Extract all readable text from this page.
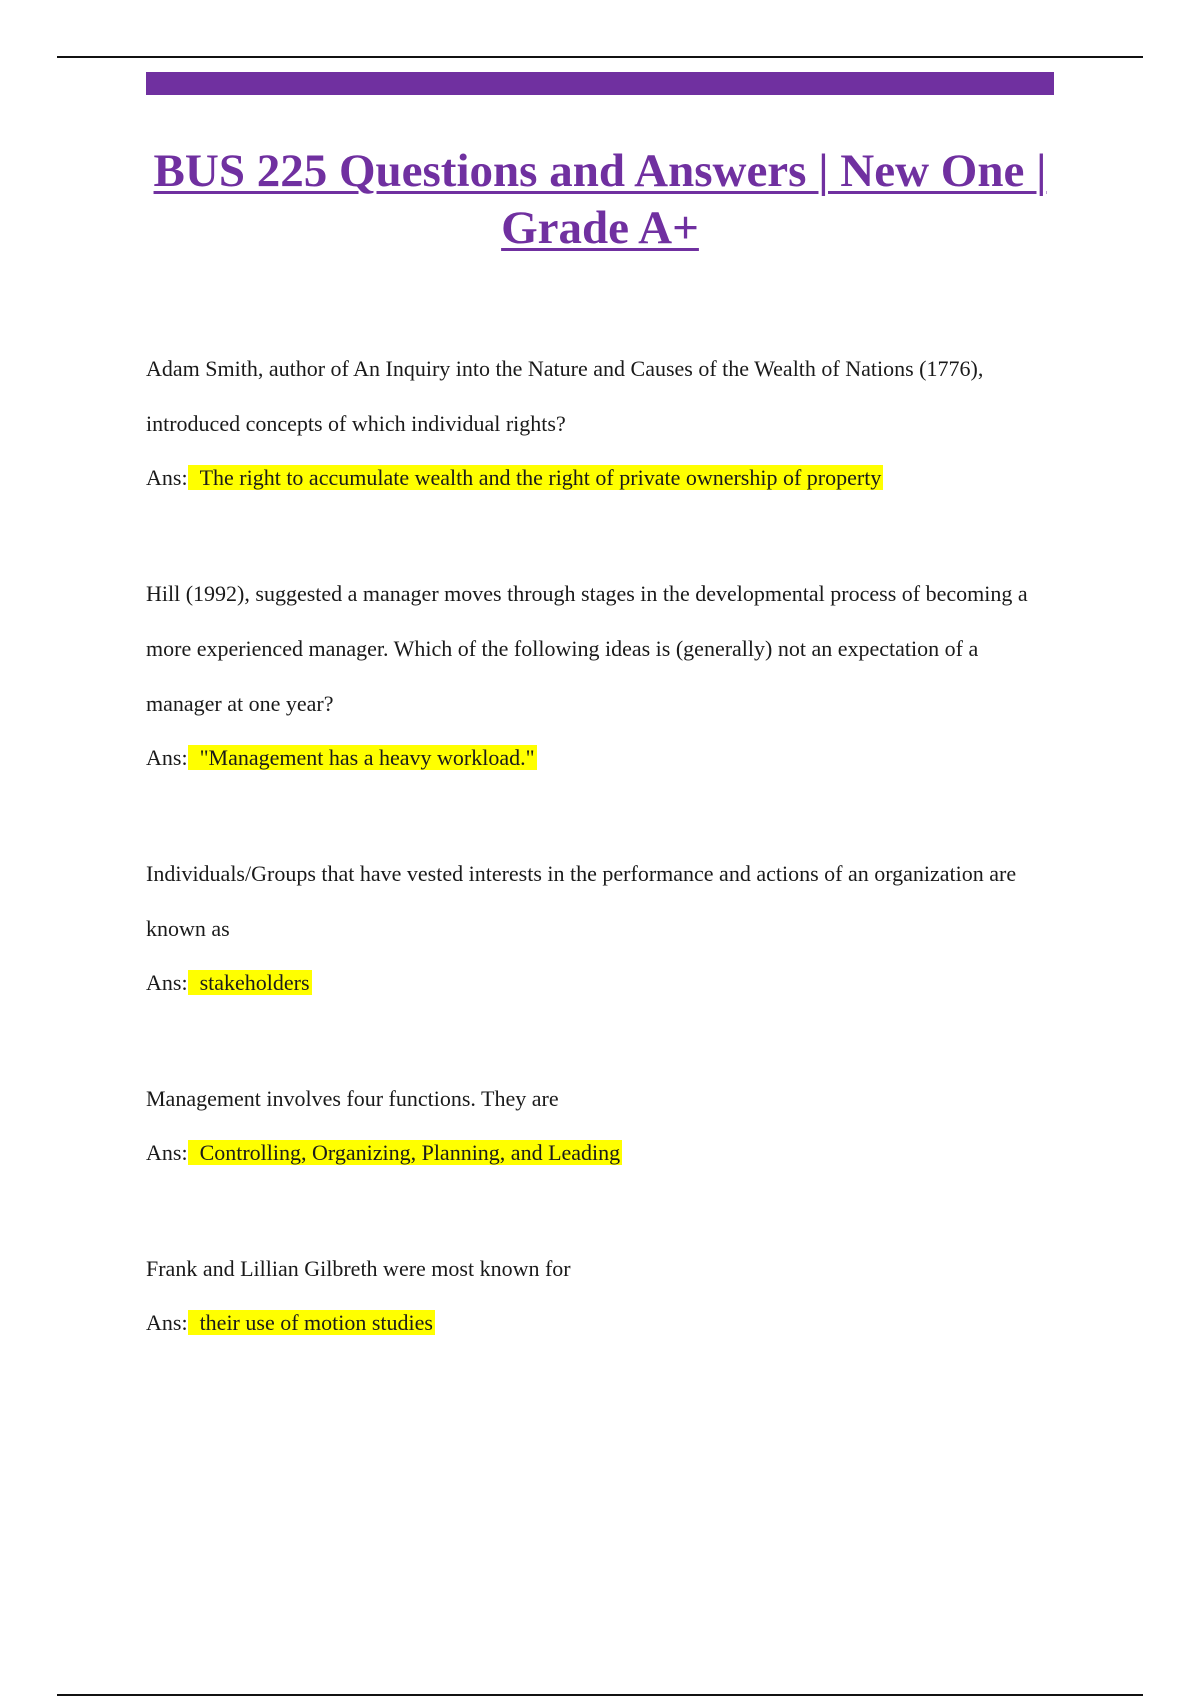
BUS 225 Questions and Answers | New One | Grade A+

Adam Smith, author of An Inquiry into the Nature and Causes of the Wealth of Nations (1776), introduced concepts of which individual rights?

Ans: The right to accumulate wealth and the right of private ownership of property

Hill (1992), suggested a manager moves through stages in the developmental process of becoming a more experienced manager. Which of the following ideas is (generally) not an expectation of a manager at one year?

Ans: "Management has a heavy workload."

Individuals/Groups that have vested interests in the performance and actions of an organization are known as

Ans: stakeholders

Management involves four functions. They are

Ans: Controlling, Organizing, Planning, and Leading

Frank and Lillian Gilbreth were most known for

Ans: their use of motion studies
